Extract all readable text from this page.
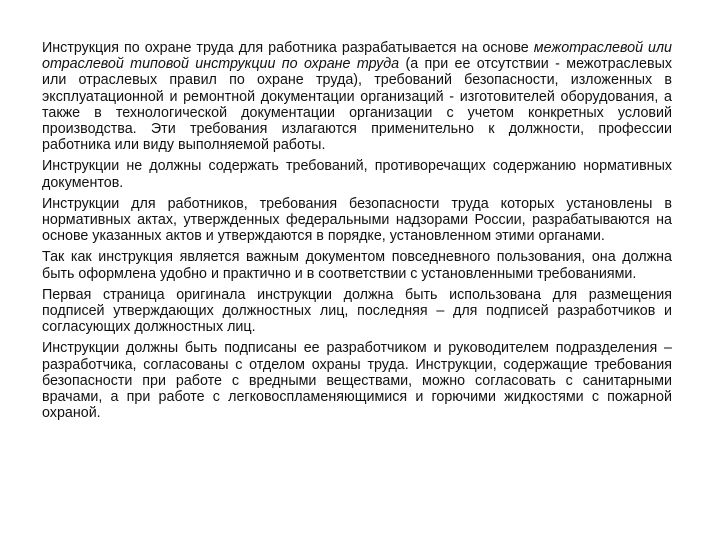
Инструкция по охране труда для работника разрабатывается на основе межотраслевой или отраслевой типовой инструкции по охране труда (а при ее отсутствии - межотраслевых или отраслевых правил по охране труда), требований безопасности, изложенных в эксплуатационной и ремонтной документации организаций - изготовителей оборудования, а также в технологической документации организации с учетом конкретных условий производства. Эти требования излагаются применительно к должности, профессии работника или виду выполняемой работы.

Инструкции не должны содержать требований, противоречащих содержанию нормативных документов.

Инструкции для работников, требования безопасности труда которых установлены в нормативных актах, утвержденных федеральными надзорами России, разрабатываются на основе указанных актов и утверждаются в порядке, установленном этими органами.

Так как инструкция является важным документом повседневного пользования, она должна быть оформлена удобно и практично и в соответствии с установленными требованиями.

Первая страница оригинала инструкции должна быть использована для размещения подписей утверждающих должностных лиц, последняя – для подписей разработчиков и согласующих должностных лиц.

Инструкции должны быть подписаны ее разработчиком и руководителем подразделения – разработчика, согласованы с отделом охраны труда. Инструкции, содержащие требования безопасности при работе с вредными веществами, можно согласовать с санитарными врачами, а при работе с легковоспламеняющимися и горючими жидкостями с пожарной охраной.
